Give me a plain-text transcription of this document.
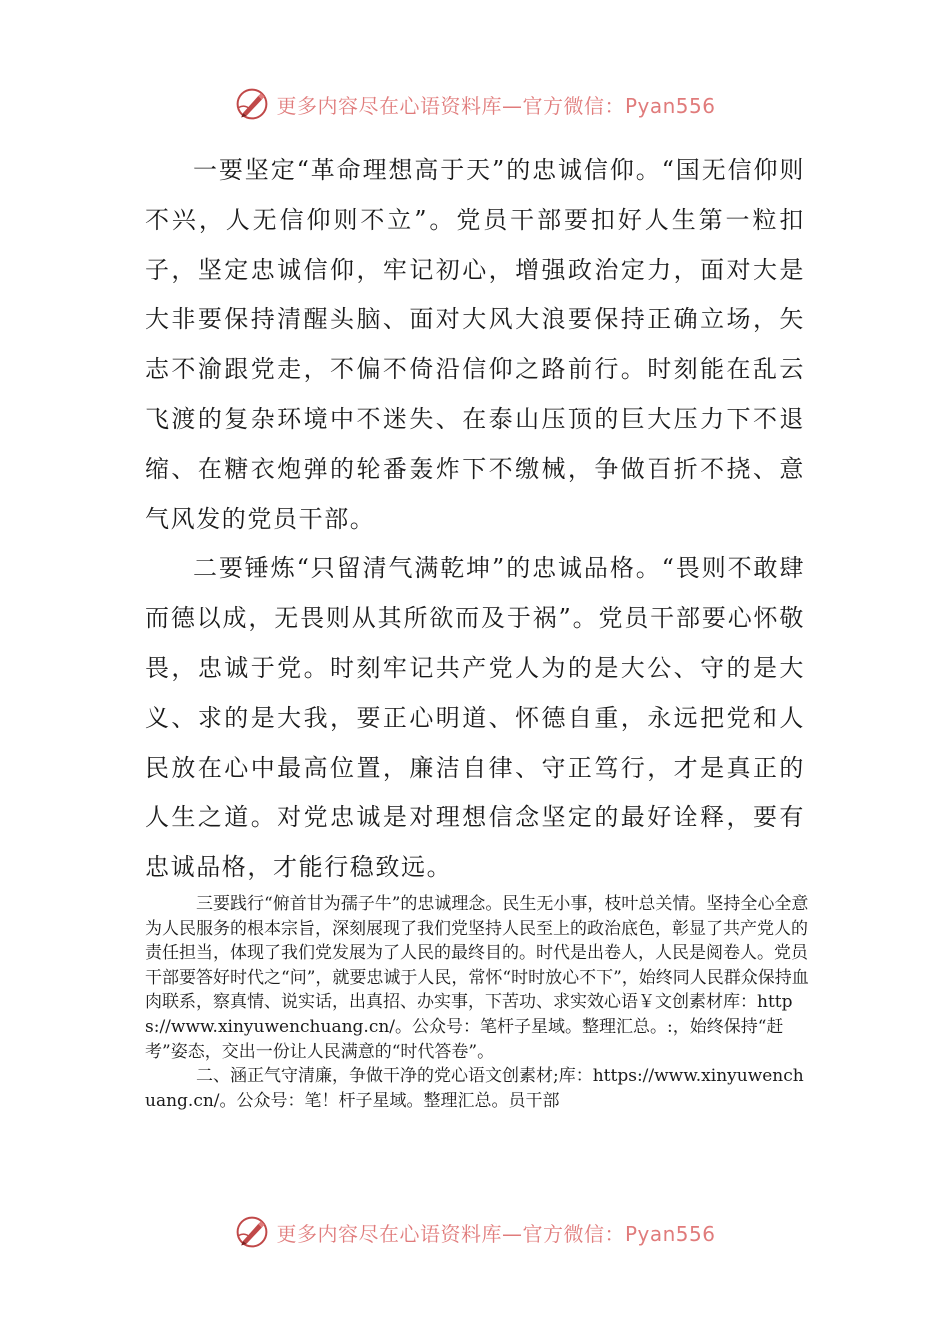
更多内容尽在心语资料库—官方微信：Pyan556

一要坚定“革命理想高于天”的忠诚信仰。“国无信仰则不兴，人无信仰则不立”。党员干部要扣好人生第一粒扣子，坚定忠诚信仰，牢记初心，增强政治定力，面对大是大非要保持清醒头脑、面对大风大浪要保持正确立场，矢志不渝跟党走，不偏不倚沿信仰之路前行。时刻能在乱云飞渡的复杂环境中不迷失、在泰山压顶的巨大压力下不退缩、在糖衣炮弹的轮番轰炸下不缴械，争做百折不挠、意气风发的党员干部。

二要锤炼“只留清气满乾坤”的忠诚品格。“畏则不敢肆而德以成，无畏则从其所欲而及于祸”。党员干部要心怀敬畏，忠诚于党。时刻牢记共产党人为的是大公、守的是大义、求的是大我，要正心明道、怀德自重，永远把党和人民放在心中最高位置，廉洁自律、守正笃行，才是真正的人生之道。对党忠诚是对理想信念坚定的最好诠释，要有忠诚品格，才能行稳致远。

三要践行“俯首甘为孺子牛”的忠诚理念。民生无小事，枝叶总关情。坚持全心全意为人民服务的根本宗旨，深刻展现了我们党坚持人民至上的政治底色，彰显了共产党人的责任担当，体现了我们党发展为了人民的最终目的。时代是出卷人，人民是阅卷人。党员干部要答好时代之“问”，就要忠诚于人民，常怀“时时放心不下”，始终同人民群众保持血肉联系，察真情、说实话，出真招、办实事，下苦功、求实效心语￥文创素材库：https://www.xinyuwenchuang.cn/。公众号：笔杆子星域。整理汇总。:，始终保持“赶考”姿态，交出一份让人民满意的“时代答卷”。

二、涵正气守清廉，争做干净的党心语文创素材;库：https://www.xinyuwenchuang.cn/。公众号：笔！杆子星域。整理汇总。员干部

更多内容尽在心语资料库—官方微信：Pyan556
